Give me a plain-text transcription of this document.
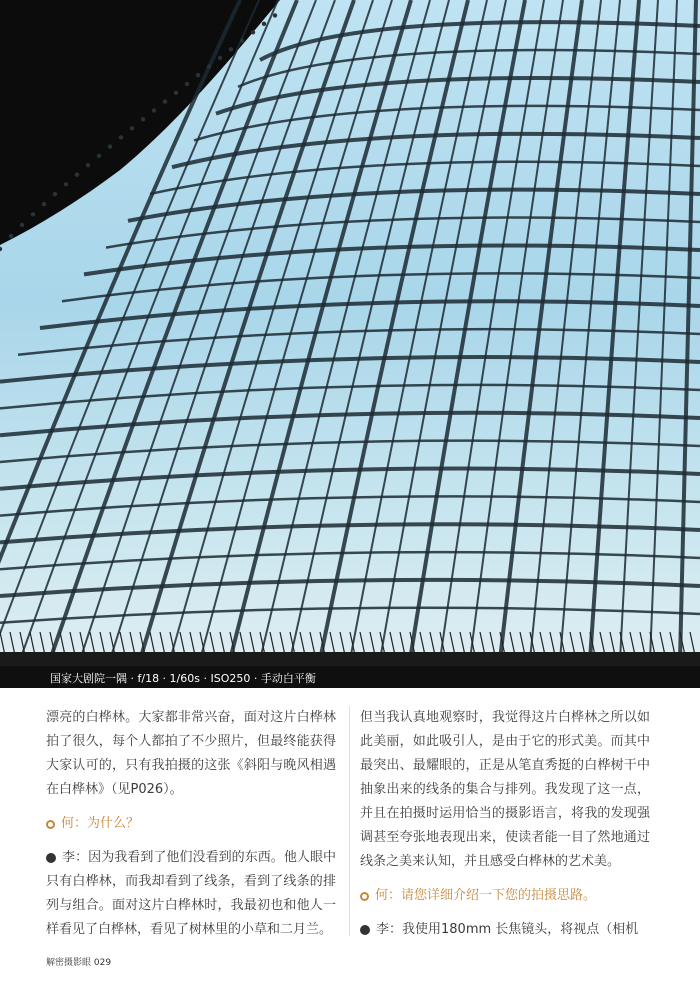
国家大剧院一隅 · f/18 · 1/60s · ISO250 · 手动白平衡

漂亮的白桦林。大家都非常兴奋，面对这片白桦林拍了很久，每个人都拍了不少照片，但最终能获得大家认可的，只有我拍摄的这张《斜阳与晚风相遇在白桦林》（见P026）。

何：为什么？

李：因为我看到了他们没看到的东西。他人眼中只有白桦林，而我却看到了线条，看到了线条的排列与组合。面对这片白桦林时，我最初也和他人一样看见了白桦林，看见了树林里的小草和二月兰。

但当我认真地观察时，我觉得这片白桦林之所以如此美丽，如此吸引人，是由于它的形式美。而其中最突出、最耀眼的，正是从笔直秀挺的白桦树干中抽象出来的线条的集合与排列。我发现了这一点，并且在拍摄时运用恰当的摄影语言，将我的发现强调甚至夸张地表现出来，使读者能一目了然地通过线条之美来认知，并且感受白桦林的艺术美。

何：请您详细介绍一下您的拍摄思路。

李：我使用180mm 长焦镜头，将视点（相机

解密摄影眼 029
